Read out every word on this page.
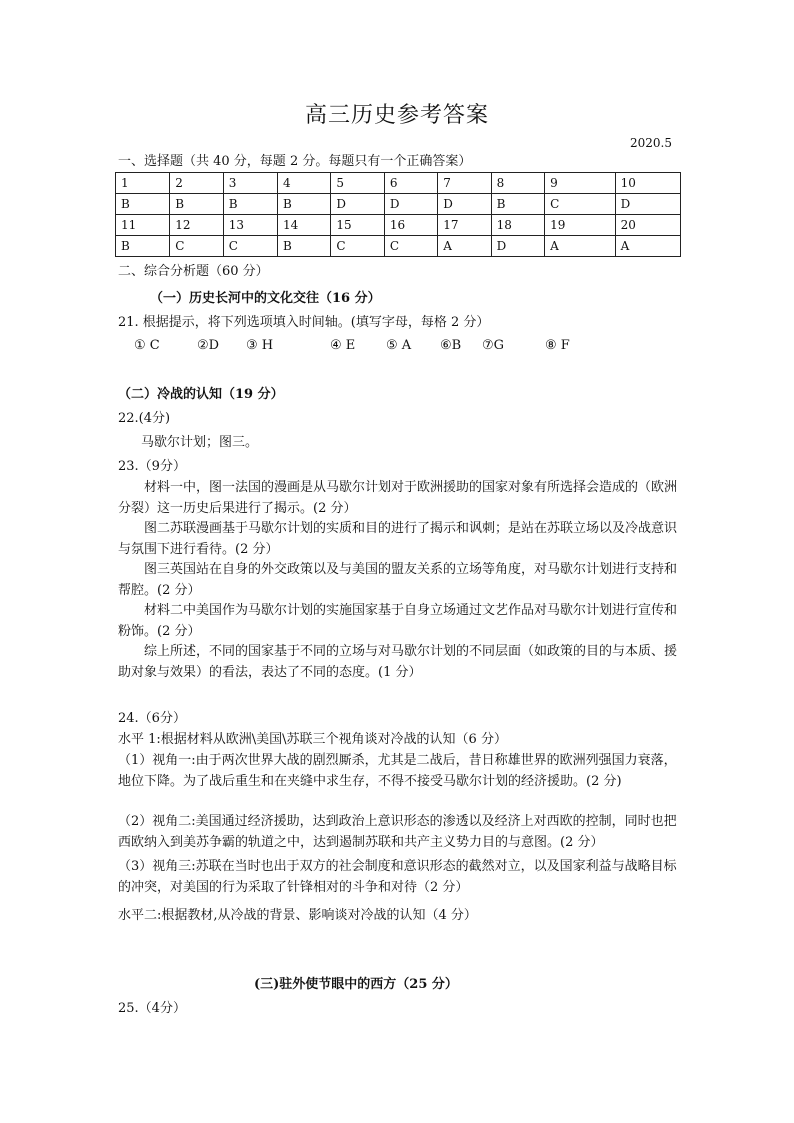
高三历史参考答案
2020.5
一、选择题（共 40 分，每题 2 分。每题只有一个正确答案）
1	2	3	4	5	6	7	8	9	10
B	B	B	B	D	D	D	B	C	D
11	12	13	14	15	16	17	18	19	20
B	C	C	B	C	C	A	D	A	A
二、综合分析题（60 分）
（一）历史长河中的文化交往（16 分）
21. 根据提示，将下列选项填入时间轴。(填写字母，每格 2 分）
① C	②D ③ H	④ E ⑤ A ⑥B ⑦G	⑧ F
（二）冷战的认知（19 分）
22.(4分)
马歇尔计划；图三。
23.（9分）
材料一中，图一法国的漫画是从马歇尔计划对于欧洲援助的国家对象有所选择会造成的（欧洲分裂）这一历史后果进行了揭示。(2 分）
图二苏联漫画基于马歇尔计划的实质和目的进行了揭示和讽刺；是站在苏联立场以及冷战意识与氛围下进行看待。(2 分）
图三英国站在自身的外交政策以及与美国的盟友关系的立场等角度，对马歇尔计划进行支持和帮腔。(2 分）
材料二中美国作为马歇尔计划的实施国家基于自身立场通过文艺作品对马歇尔计划进行宣传和粉饰。(2 分）
综上所述，不同的国家基于不同的立场与对马歇尔计划的不同层面（如政策的目的与本质、援助对象与效果）的看法，表达了不同的态度。(1 分）
24.（6分）
水平 1:根据材料从欧洲\美国\苏联三个视角谈对冷战的认知（6 分）
（1）视角一:由于两次世界大战的剧烈厮杀，尤其是二战后，昔日称雄世界的欧洲列强国力衰落，地位下降。为了战后重生和在夹缝中求生存，不得不接受马歇尔计划的经济援助。(2 分)
（2）视角二:美国通过经济援助，达到政治上意识形态的渗透以及经济上对西欧的控制，同时也把西欧纳入到美苏争霸的轨道之中，达到遏制苏联和共产主义势力目的与意图。(2 分）
（3）视角三:苏联在当时也出于双方的社会制度和意识形态的截然对立，以及国家利益与战略目标的冲突，对美国的行为采取了针锋相对的斗争和对待（2 分）
水平二:根据教材,从冷战的背景、影响谈对冷战的认知（4 分）
(三)驻外使节眼中的西方（25 分）
25.（4分）
